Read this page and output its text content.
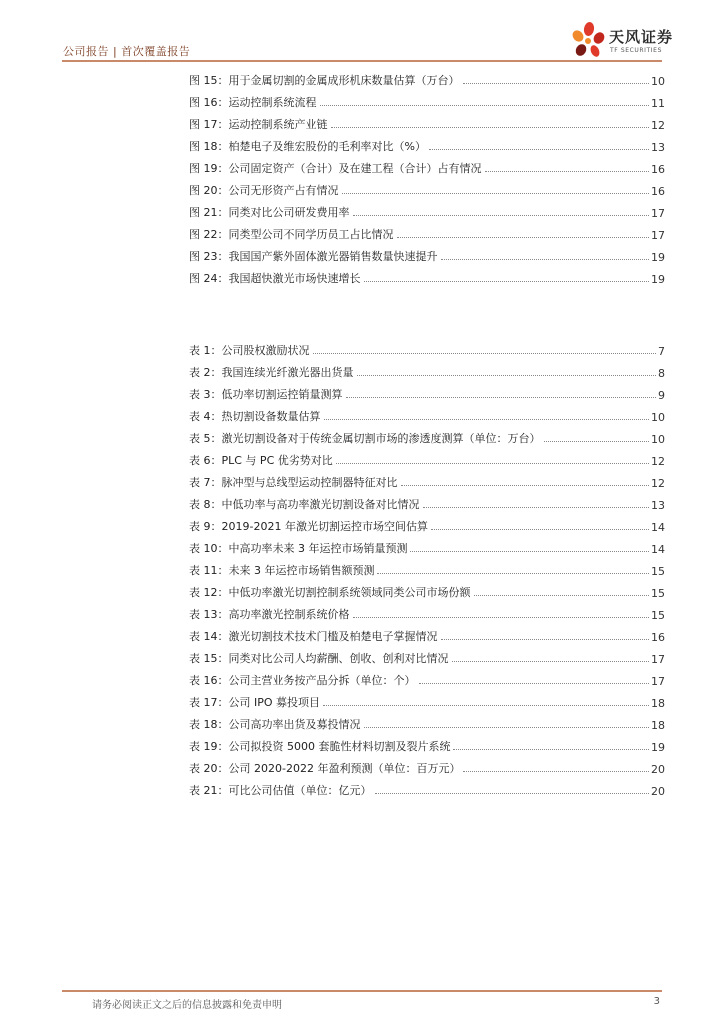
公司报告 | 首次覆盖报告
天风证券
TF SECURITIES
图 15：用于金属切割的金属成形机床数量估算（万台）	10
图 16：运动控制系统流程	11
图 17：运动控制系统产业链	12
图 18：柏楚电子及维宏股份的毛利率对比（%）	13
图 19：公司固定资产（合计）及在建工程（合计）占有情况	16
图 20：公司无形资产占有情况	16
图 21：同类对比公司研发费用率	17
图 22：同类型公司不同学历员工占比情况	17
图 23：我国国产紫外固体激光器销售数量快速提升	19
图 24：我国超快激光市场快速增长	19
表 1：公司股权激励状况	7
表 2：我国连续光纤激光器出货量	8
表 3：低功率切割运控销量测算	9
表 4：热切割设备数量估算	10
表 5：激光切割设备对于传统金属切割市场的渗透度测算（单位：万台）	10
表 6：PLC 与 PC 优劣势对比	12
表 7：脉冲型与总线型运动控制器特征对比	12
表 8：中低功率与高功率激光切割设备对比情况	13
表 9：2019-2021 年激光切割运控市场空间估算	14
表 10：中高功率未来 3 年运控市场销量预测	14
表 11：未来 3 年运控市场销售额预测	15
表 12：中低功率激光切割控制系统领域同类公司市场份额	15
表 13：高功率激光控制系统价格	15
表 14：激光切割技术技术门槛及柏楚电子掌握情况	16
表 15：同类对比公司人均薪酬、创收、创利对比情况	17
表 16：公司主营业务按产品分拆（单位：个）	17
表 17：公司 IPO 募投项目	18
表 18：公司高功率出货及募投情况	18
表 19：公司拟投资 5000 套脆性材料切割及裂片系统	19
表 20：公司 2020-2022 年盈利预测（单位：百万元）	20
表 21：可比公司估值（单位：亿元）	20
请务必阅读正文之后的信息披露和免责申明	3
